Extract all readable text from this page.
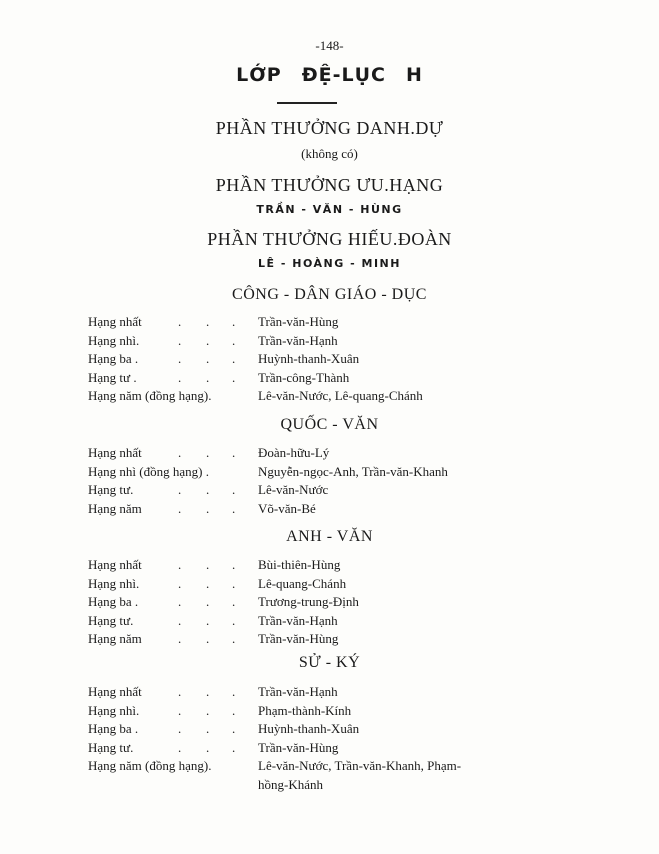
-148-
LỚP ĐỆ-LỤC H
PHẦN THƯỞNG DANH.DỰ
(không có)
PHẦN THƯỞNG ƯU.HẠNG
TRẦN - VĂN - HÙNG
PHẦN THƯỞNG HIẾU.ĐOÀN
LÊ - HOÀNG - MINH
CÔNG - DÂN GIÁO - DỤC
Hạng nhất	. . . Trần-văn-Hùng
Hạng nhì.	. . . Trần-văn-Hạnh
Hạng ba .	. . . Huỳnh-thanh-Xuân
Hạng tư .	. . . Trần-công-Thành
Hạng năm (đồng hạng).	Lê-văn-Nước, Lê-quang-Chánh
QUỐC - VĂN
Hạng nhất	. . . Đoàn-hữu-Lý
Hạng nhì (đồng hạng) .	Nguyễn-ngọc-Anh, Trần-văn-Khanh
Hạng tư.	. . . Lê-văn-Nước
Hạng năm	. . . Võ-văn-Bé
ANH - VĂN
Hạng nhất	. . . Bùi-thiên-Hùng
Hạng nhì.	. . . Lê-quang-Chánh
Hạng ba .	. . . Trương-trung-Định
Hạng tư.	. . . Trần-văn-Hạnh
Hạng năm	. . . Trần-văn-Hùng
SỬ - KÝ
Hạng nhất	. . . Trần-văn-Hạnh
Hạng nhì.	. . . Phạm-thành-Kính
Hạng ba .	. . . Huỳnh-thanh-Xuân
Hạng tư.	. . . Trần-văn-Hùng
Hạng năm (đồng hạng).	Lê-văn-Nước, Trần-văn-Khanh, Phạm-
hồng-Khánh
